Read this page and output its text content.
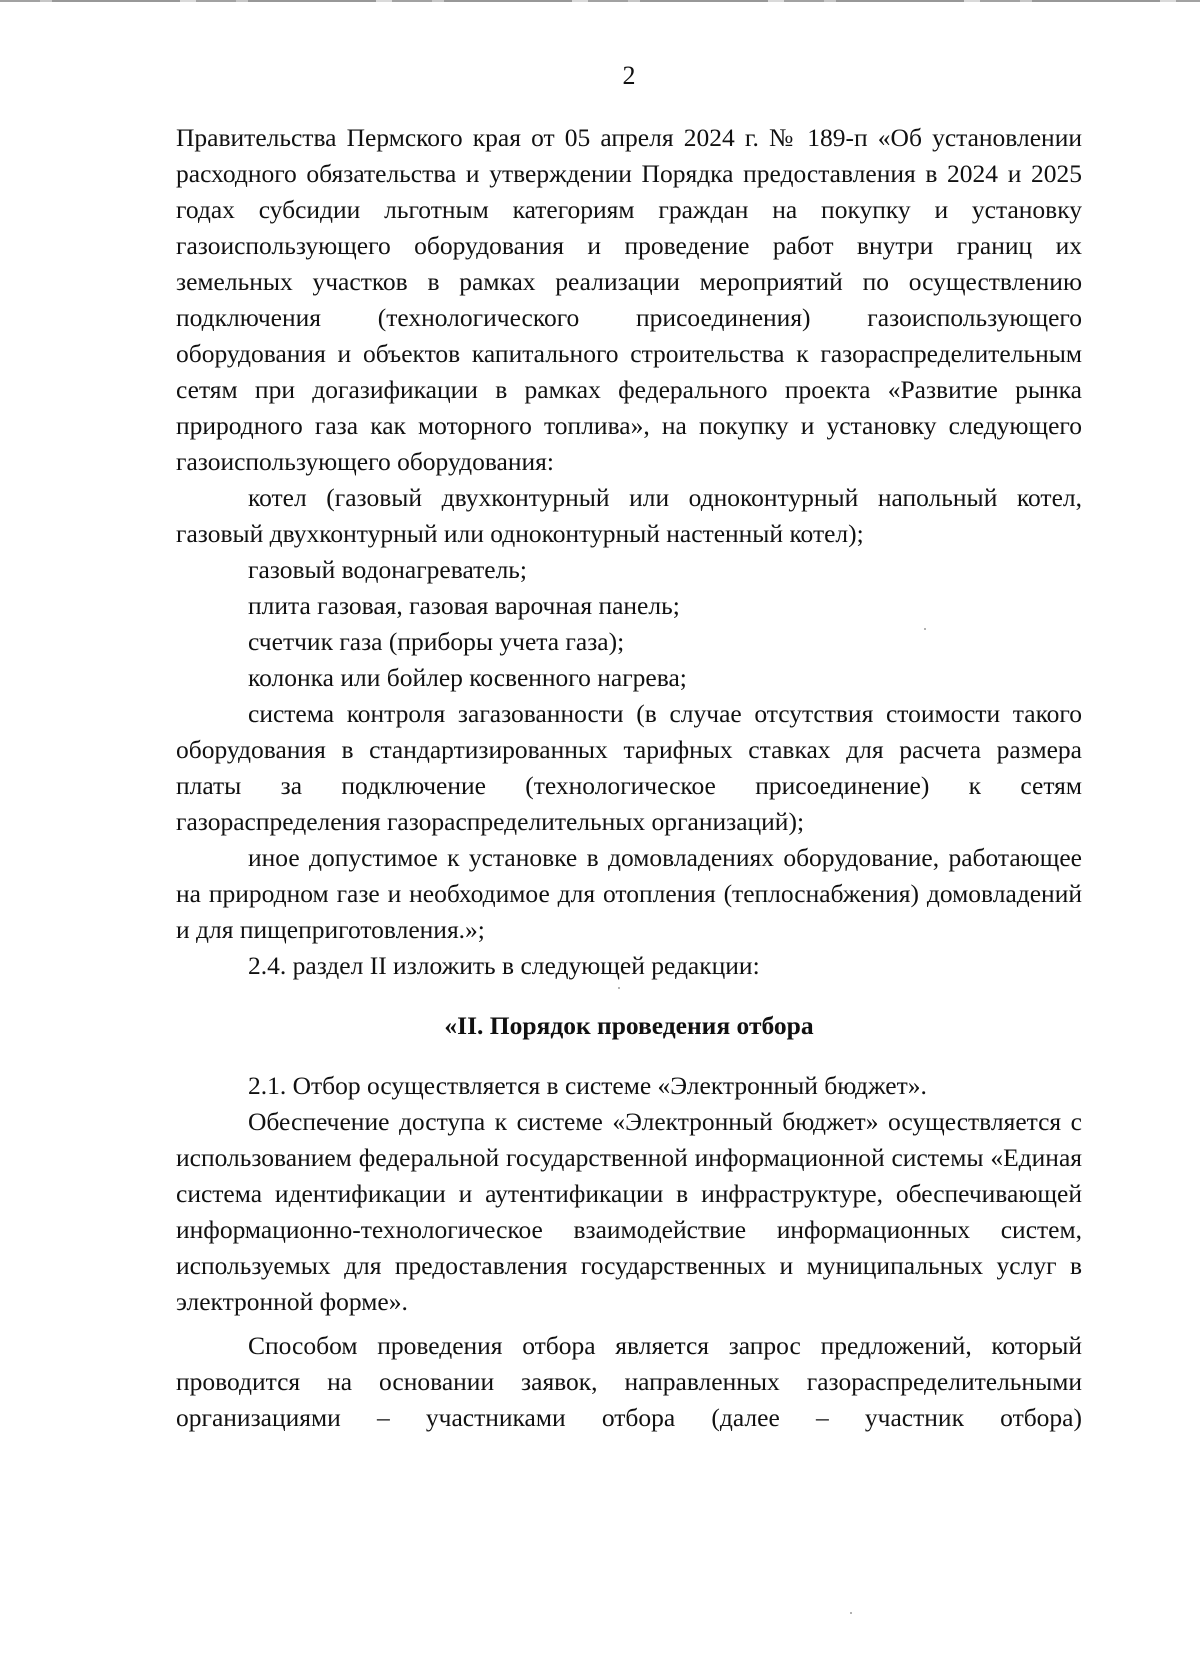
2

Правительства Пермского края от 05 апреля 2024 г. № 189-п «Об установлении расходного обязательства и утверждении Порядка предоставления в 2024 и 2025 годах субсидии льготным категориям граждан на покупку и установку газоиспользующего оборудования и проведение работ внутри границ их земельных участков в рамках реализации мероприятий по осуществлению подключения (технологического присоединения) газоиспользующего оборудования и объектов капитального строительства к газораспределительным сетям при догазификации в рамках федерального проекта «Развитие рынка природного газа как моторного топлива», на покупку и установку следующего газоиспользующего оборудования:

котел (газовый двухконтурный или одноконтурный напольный котел, газовый двухконтурный или одноконтурный настенный котел);

газовый водонагреватель;

плита газовая, газовая варочная панель;

счетчик газа (приборы учета газа);

колонка или бойлер косвенного нагрева;

система контроля загазованности (в случае отсутствия стоимости такого оборудования в стандартизированных тарифных ставках для расчета размера платы за подключение (технологическое присоединение) к сетям газораспределения газораспределительных организаций);

иное допустимое к установке в домовладениях оборудование, работающее на природном газе и необходимое для отопления (теплоснабжения) домовладений и для пищеприготовления.»;

2.4. раздел II изложить в следующей редакции:

«II. Порядок проведения отбора

2.1. Отбор осуществляется в системе «Электронный бюджет».

Обеспечение доступа к системе «Электронный бюджет» осуществляется с использованием федеральной государственной информационной системы «Единая система идентификации и аутентификации в инфраструктуре, обеспечивающей информационно-технологическое взаимодействие информационных систем, используемых для предоставления государственных и муниципальных услуг в электронной форме».

Способом проведения отбора является запрос предложений, который проводится на основании заявок, направленных газораспределительными организациями – участниками отбора (далее – участник отбора)
